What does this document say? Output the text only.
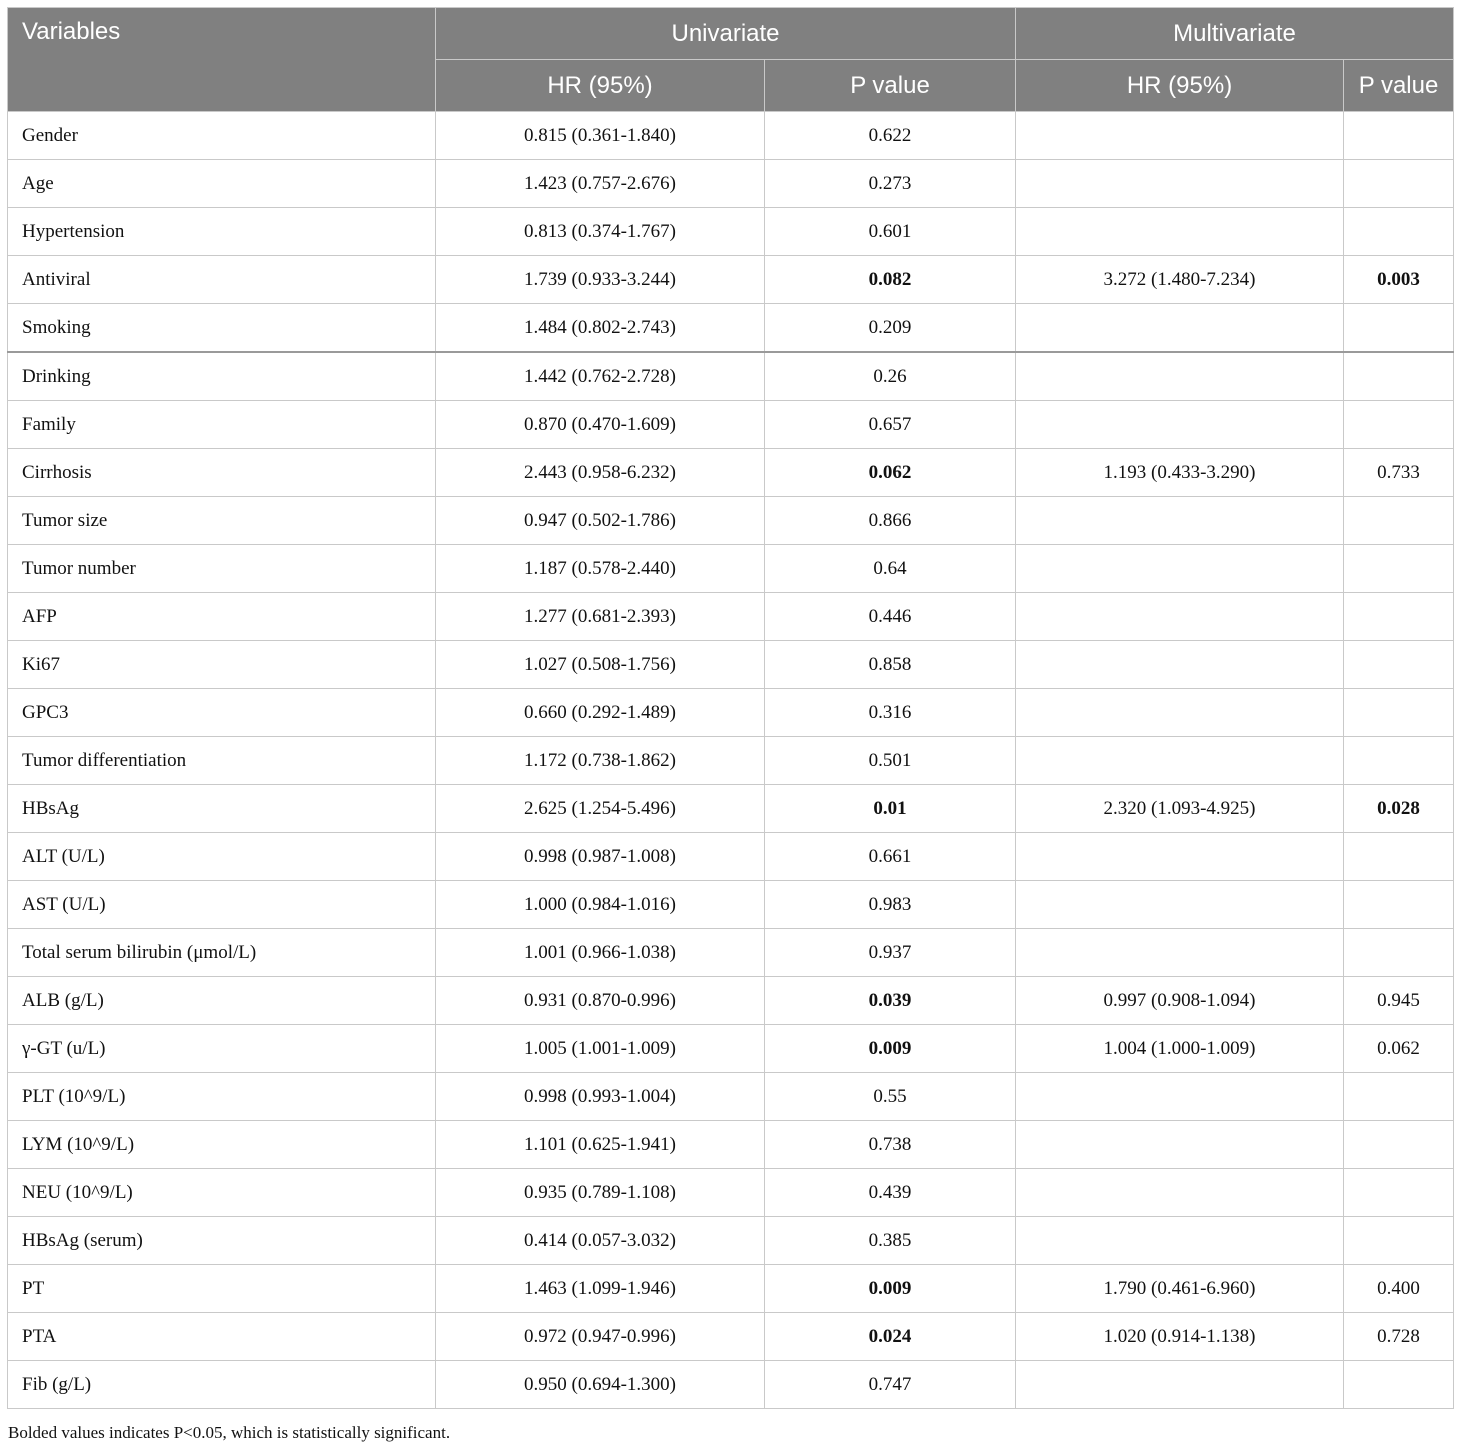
Variables	Univariate		Multivariate	
	HR (95%)	P value	HR (95%)	P value
Gender	0.815 (0.361-1.840)	0.622		
Age	1.423 (0.757-2.676)	0.273		
Hypertension	0.813 (0.374-1.767)	0.601		
Antiviral	1.739 (0.933-3.244)	0.082	3.272 (1.480-7.234)	0.003
Smoking	1.484 (0.802-2.743)	0.209		
Drinking	1.442 (0.762-2.728)	0.26		
Family	0.870 (0.470-1.609)	0.657		
Cirrhosis	2.443 (0.958-6.232)	0.062	1.193 (0.433-3.290)	0.733
Tumor size	0.947 (0.502-1.786)	0.866		
Tumor number	1.187 (0.578-2.440)	0.64		
AFP	1.277 (0.681-2.393)	0.446		
Ki67	1.027 (0.508-1.756)	0.858		
GPC3	0.660 (0.292-1.489)	0.316		
Tumor differentiation	1.172 (0.738-1.862)	0.501		
HBsAg	2.625 (1.254-5.496)	0.01	2.320 (1.093-4.925)	0.028
ALT (U/L)	0.998 (0.987-1.008)	0.661		
AST (U/L)	1.000 (0.984-1.016)	0.983		
Total serum bilirubin (μmol/L)	1.001 (0.966-1.038)	0.937		
ALB (g/L)	0.931 (0.870-0.996)	0.039	0.997 (0.908-1.094)	0.945
γ-GT (u/L)	1.005 (1.001-1.009)	0.009	1.004 (1.000-1.009)	0.062
PLT (10^9/L)	0.998 (0.993-1.004)	0.55		
LYM (10^9/L)	1.101 (0.625-1.941)	0.738		
NEU (10^9/L)	0.935 (0.789-1.108)	0.439		
HBsAg (serum)	0.414 (0.057-3.032)	0.385		
PT	1.463 (1.099-1.946)	0.009	1.790 (0.461-6.960)	0.400
PTA	0.972 (0.947-0.996)	0.024	1.020 (0.914-1.138)	0.728
Fib (g/L)	0.950 (0.694-1.300)	0.747		
Bolded values indicates P<0.05, which is statistically significant.
